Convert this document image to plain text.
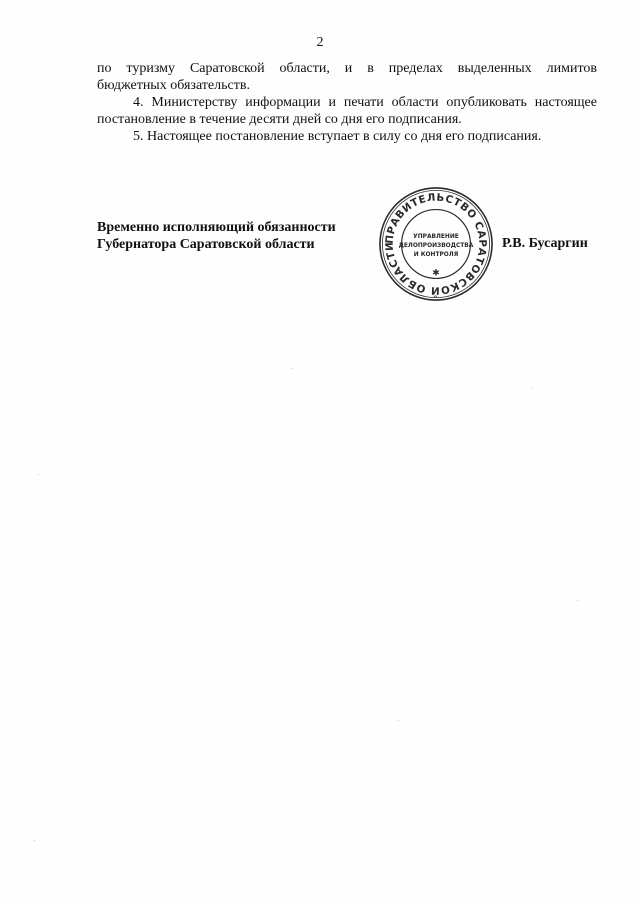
2

по туризму Саратовской области, и в пределах выделенных лимитов

бюджетных обязательств.

4. Министерству информации и печати области опубликовать настоящее постановление в течение десяти дней со дня его подписания.

5. Настоящее постановление вступает в силу со дня его подписания.

Временно исполняющий обязанности
Губернатора Саратовской области	ПРАВИТЕЛЬСТВО САРАТОВСКОЙ ОБЛАСТИ
УПРАВЛЕНИЕ
ДЕЛОПРОИЗВОДСТВА
И КОНТРОЛЯ
✱
Р.В. Бусаргин
